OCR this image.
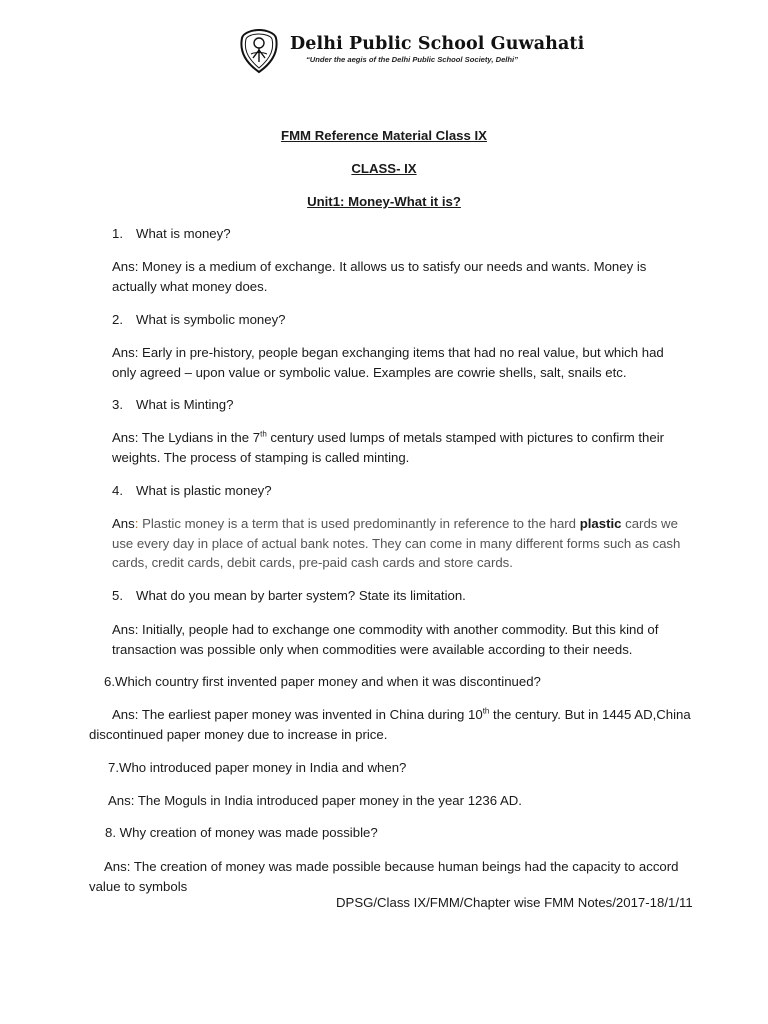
Delhi Public School Guwahati
“Under the aegis of the Delhi Public School Society, Delhi”
FMM Reference Material Class IX
CLASS- IX
Unit1: Money-What it is?
1. What is money?
Ans: Money is a medium of exchange. It allows us to satisfy our needs and wants. Money is actually what money does.
2. What is symbolic money?
Ans: Early in pre-history, people began exchanging items that had no real value, but which had only agreed – upon value or symbolic value. Examples are cowrie shells, salt, snails etc.
3. What is Minting?
Ans: The Lydians in the 7th century used lumps of metals stamped with pictures to confirm their weights. The process of stamping is called minting.
4. What is plastic money?
Ans: Plastic money is a term that is used predominantly in reference to the hard plastic cards we use every day in place of actual bank notes. They can come in many different forms such as cash cards, credit cards, debit cards, pre-paid cash cards and store cards.
5. What do you mean by barter system? State its limitation.
Ans: Initially, people had to exchange one commodity with another commodity. But this kind of transaction was possible only when commodities were available according to their needs.
6.Which country first invented paper money and when it was discontinued?
Ans: The earliest paper money was invented in China during 10th the century. But in 1445 AD,China
discontinued paper money due to increase in price.
7.Who introduced paper money in India and when?
Ans: The Moguls in India introduced paper money in the year 1236 AD.
8. Why creation of money was made possible?
Ans: The creation of money was made possible because human beings had the capacity to accord
value to symbols
DPSG/Class IX/FMM/Chapter wise FMM Notes/2017-18/1/11
